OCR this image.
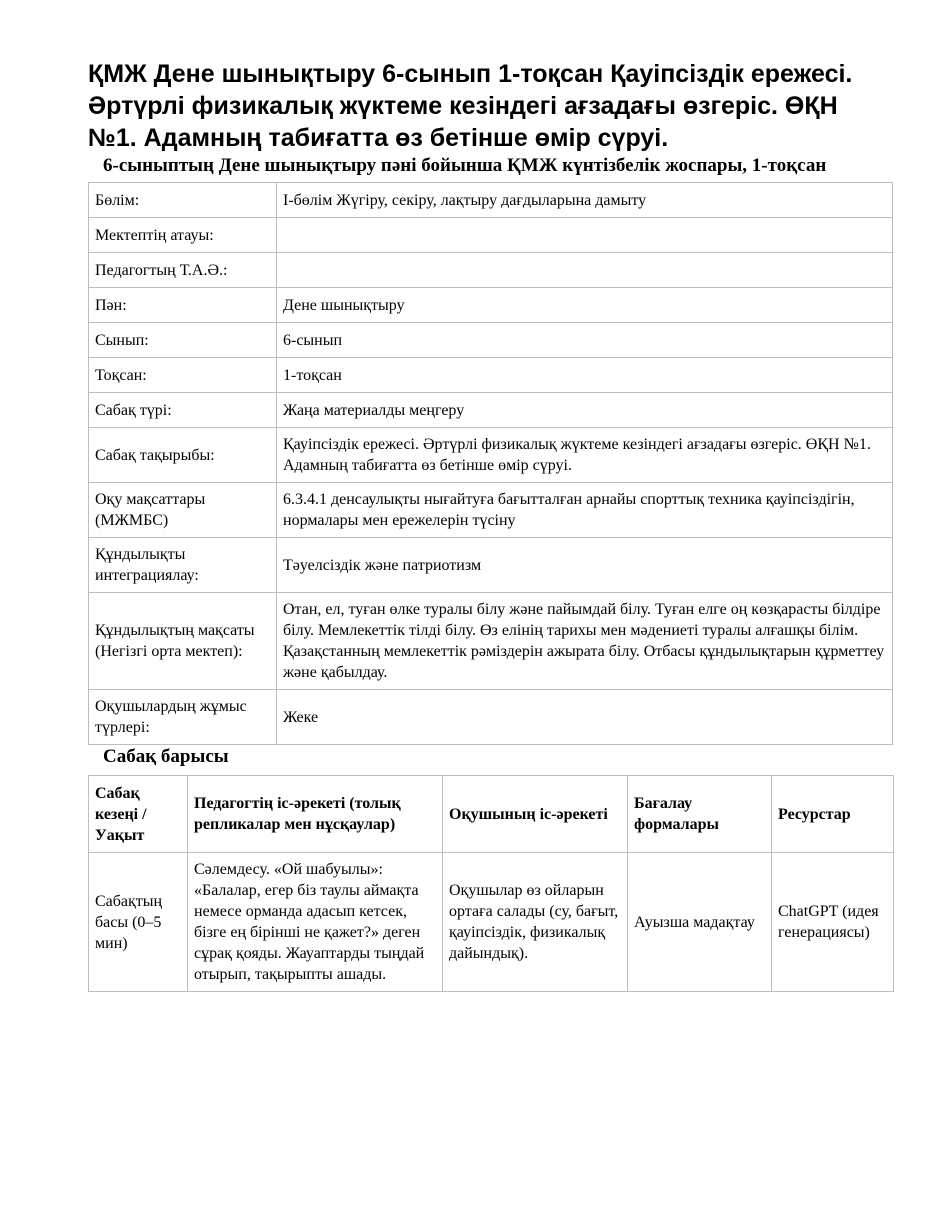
ҚМЖ Дене шынықтыру 6-сынып 1-тоқсан Қауіпсіздік ережесі. Әртүрлі физикалық жүктеме кезіндегі ағзадағы өзгеріс. ӨҚН №1. Адамның табиғатта өз бетінше өмір сүруі.
6-сыныптың Дене шынықтыру пәні бойынша ҚМЖ күнтізбелік жоспары, 1-тоқсан
Бөлім:	І-бөлім Жүгіру, секіру, лақтыру дағдыларына дамыту
Мектептің атауы:	
Педагогтың Т.А.Ә.:	
Пән:	Дене шынықтыру
Сынып:	6-сынып
Тоқсан:	1-тоқсан
Сабақ түрі:	Жаңа материалды меңгеру
Сабақ тақырыбы:	Қауіпсіздік ережесі. Әртүрлі физикалық жүктеме кезіндегі ағзадағы өзгеріс. ӨҚН №1. Адамның табиғатта өз бетінше өмір сүруі.
Оқу мақсаттары (МЖМБС)	6.3.4.1 денсаулықты нығайтуға бағытталған арнайы спорттық техника қауіпсіздігін, нормалары мен ережелерін түсіну
Құндылықты интеграциялау:	Тәуелсіздік және патриотизм
Құндылықтың мақсаты (Негізгі орта мектеп):	Отан, ел, туған өлке туралы білу және пайымдай білу. Туған елге оң көзқарасты білдіре білу. Мемлекеттік тілді білу. Өз елінің тарихы мен мәдениеті туралы алғашқы білім. Қазақстанның мемлекеттік рәміздерін ажырата білу. Отбасы құндылықтарын құрметтеу және қабылдау.
Оқушылардың жұмыс түрлері:	Жеке
Сабақ барысы
Сабақ кезеңі / Уақыт	Педагогтің іс-әрекеті (толық репликалар мен нұсқаулар)	Оқушының іс-әрекеті	Бағалау формалары	Ресурстар
Сабақтың басы (0–5 мин)	Сәлемдесу. «Ой шабуылы»: «Балалар, егер біз таулы аймақта немесе орманда адасып кетсек, бізге ең бірінші не қажет?» деген сұрақ қояды. Жауаптарды тыңдай отырып, тақырыпты ашады.	Оқушылар өз ойларын ортаға салады (су, бағыт, қауіпсіздік, физикалық дайындық).	Ауызша мадақтау	ChatGPT (идея генерациясы)
